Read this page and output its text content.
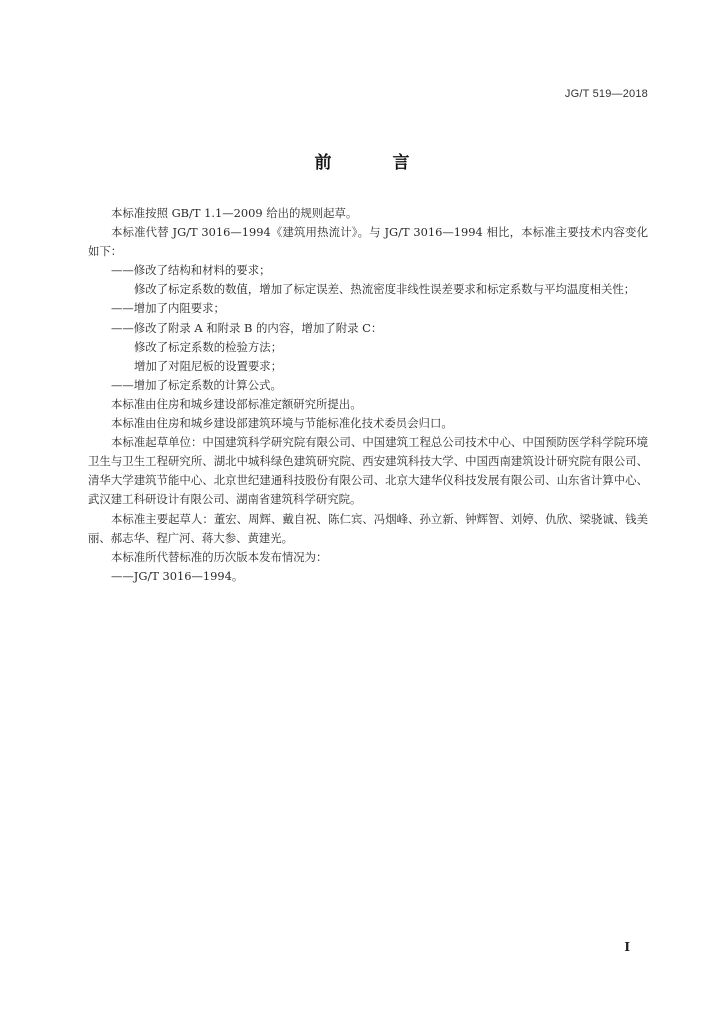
JG/T 519—2018
前　言

本标准按照 GB/T 1.1—2009 给出的规则起草。

本标准代替 JG/T 3016—1994《建筑用热流计》。与 JG/T 3016—1994 相比，本标准主要技术内容变化如下：

——修改了结构和材料的要求；

修改了标定系数的数值，增加了标定误差、热流密度非线性误差要求和标定系数与平均温度相关性；

——增加了内阻要求；

——修改了附录 A 和附录 B 的内容，增加了附录 C：

修改了标定系数的检验方法；

增加了对阻尼板的设置要求；

——增加了标定系数的计算公式。

本标准由住房和城乡建设部标准定额研究所提出。

本标准由住房和城乡建设部建筑环境与节能标准化技术委员会归口。

本标准起草单位：中国建筑科学研究院有限公司、中国建筑工程总公司技术中心、中国预防医学科学院环境卫生与卫生工程研究所、湖北中城科绿色建筑研究院、西安建筑科技大学、中国西南建筑设计研究院有限公司、清华大学建筑节能中心、北京世纪建通科技股份有限公司、北京大建华仪科技发展有限公司、山东省计算中心、武汉建工科研设计有限公司、湖南省建筑科学研究院。

本标准主要起草人：董宏、周辉、戴自祝、陈仁宾、冯烟峰、孙立新、钟辉智、刘婷、仇欣、梁骁诚、钱美丽、郝志华、程广河、蒋大参、黄建光。

本标准所代替标准的历次版本发布情况为：

——JG/T 3016—1994。

I
